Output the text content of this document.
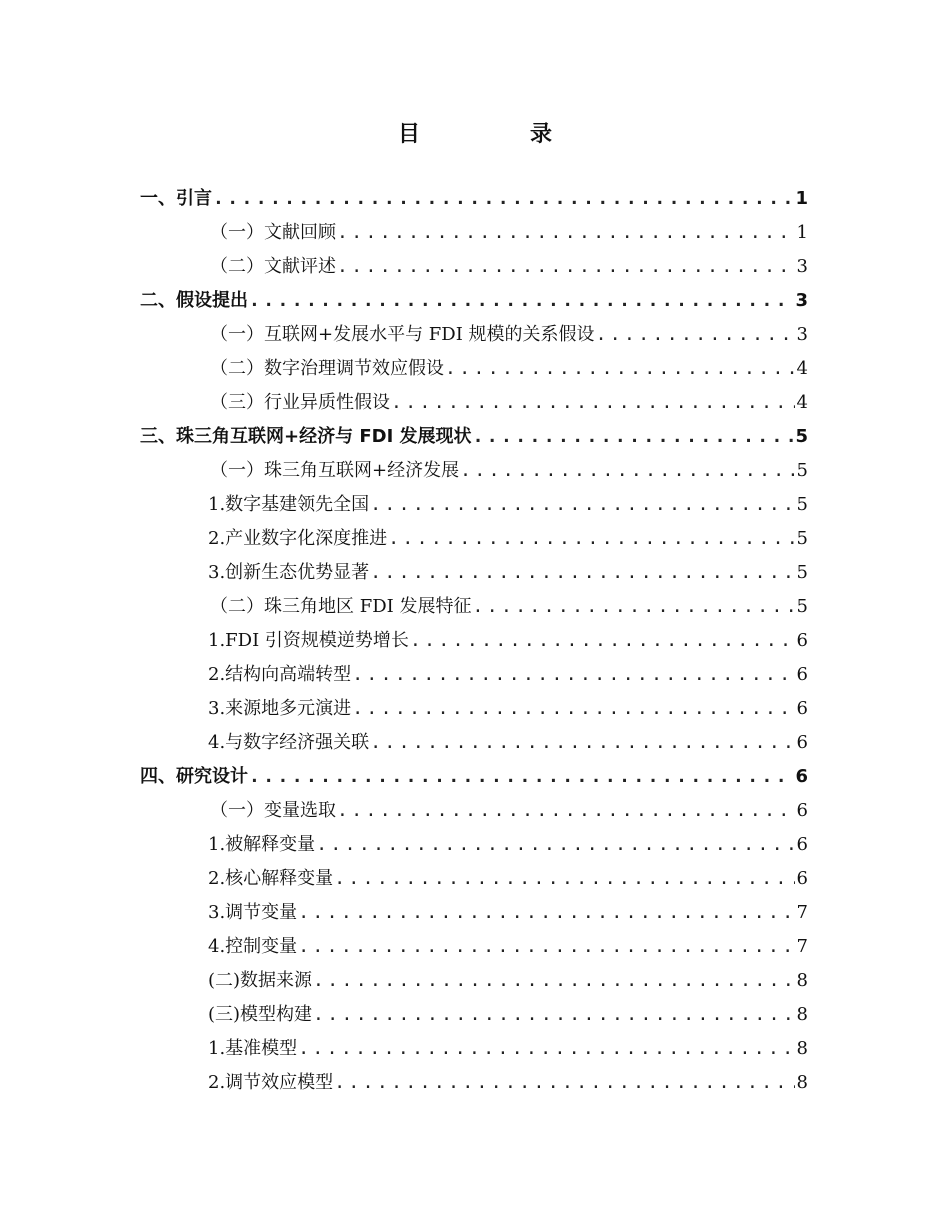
目　录
一、引言 .....	1
（一）文献回顾 .....	1
（二）文献评述 .....	3
二、假设提出 .....	3
（一）互联网+发展水平与 FDI 规模的关系假设 .....	3
（二）数字治理调节效应假设 .....	4
（三）行业异质性假设 .....	4
三、珠三角互联网+经济与 FDI 发展现状 .....	5
（一）珠三角互联网+经济发展 .....	5
1.数字基建领先全国 .....	5
2.产业数字化深度推进 .....	5
3.创新生态优势显著 .....	5
（二）珠三角地区 FDI 发展特征 .....	5
1.FDI 引资规模逆势增长 .....	6
2.结构向高端转型 .....	6
3.来源地多元演进 .....	6
4.与数字经济强关联 .....	6
四、研究设计 .....	6
（一）变量选取 .....	6
1.被解释变量 .....	6
2.核心解释变量 .....	6
3.调节变量 .....	7
4.控制变量 .....	7
(二)数据来源 .....	8
(三)模型构建 .....	8
1.基准模型 .....	8
2.调节效应模型 .....	8
